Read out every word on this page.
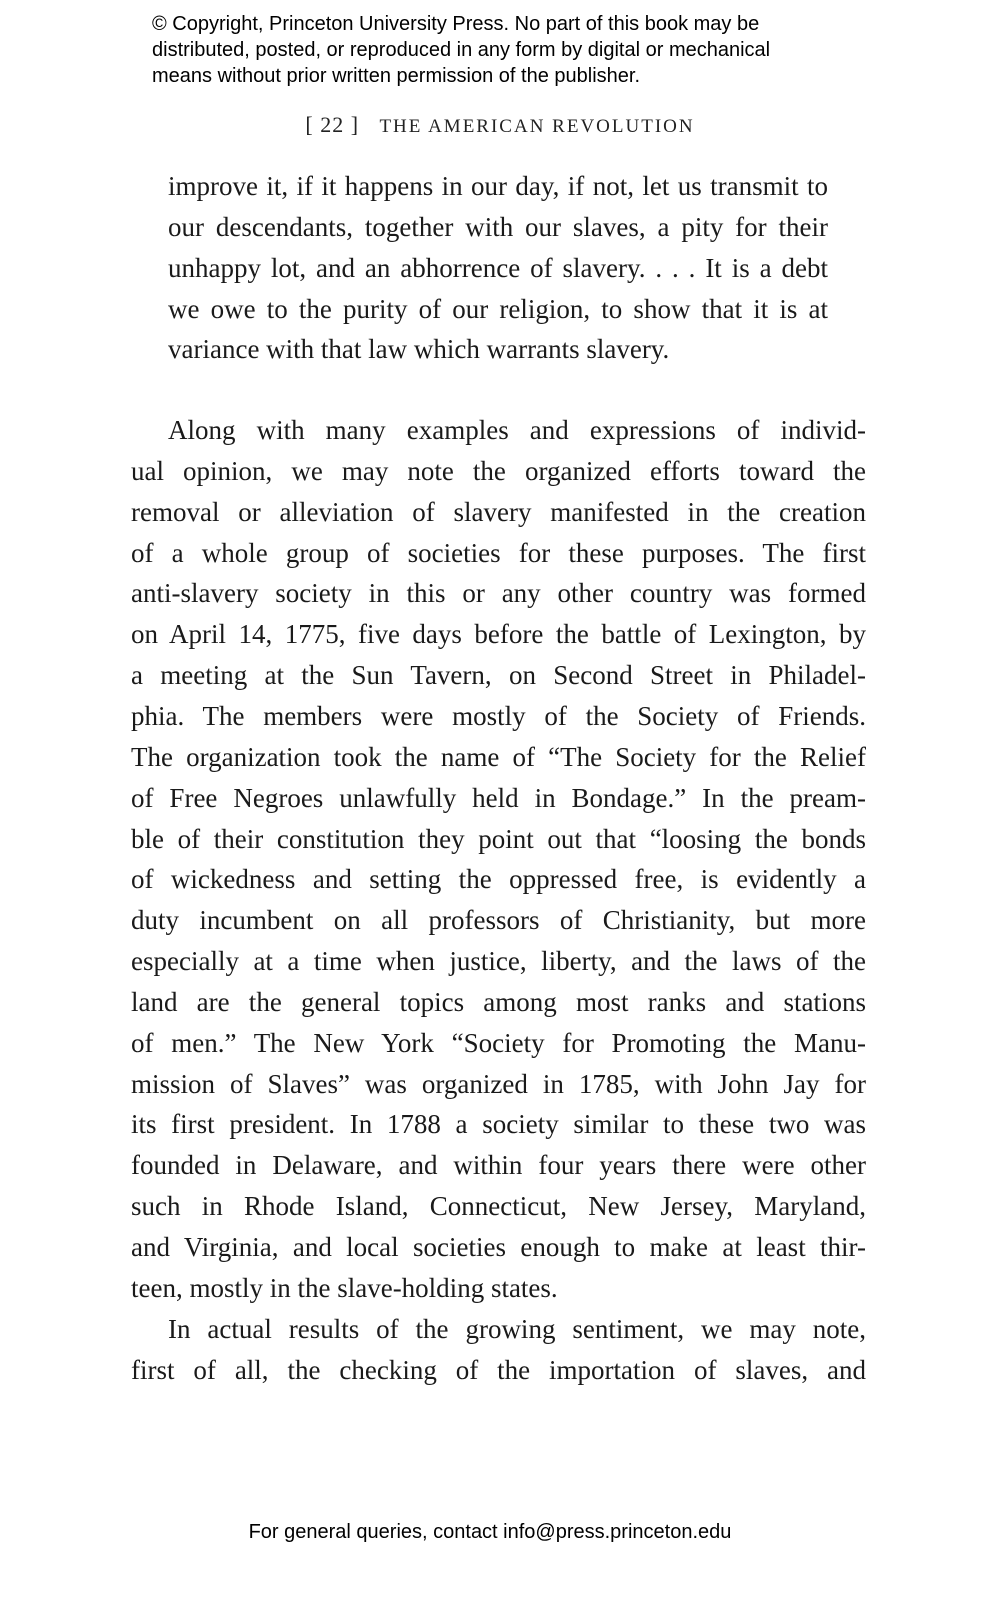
© Copyright, Princeton University Press. No part of this book may be
distributed, posted, or reproduced in any form by digital or mechanical
means without prior written permission of the publisher.
[ 22 ] THE AMERICAN REVOLUTION
improve it, if it happens in our day, if not, let us transmit to
our descendants, together with our slaves, a pity for their
unhappy lot, and an abhorrence of slavery. . . . It is a debt
we owe to the purity of our religion, to show that it is at
variance with that law which warrants slavery.
Along with many examples and expressions of individ-
ual opinion, we may note the organized efforts toward the
removal or alleviation of slavery manifested in the creation
of a whole group of societies for these purposes. The first
anti-slavery society in this or any other country was formed
on April 14, 1775, five days before the battle of Lexington, by
a meeting at the Sun Tavern, on Second Street in Philadel-
phia. The members were mostly of the Society of Friends.
The organization took the name of “The Society for the Relief
of Free Negroes unlawfully held in Bondage.” In the pream-
ble of their constitution they point out that “loosing the bonds
of wickedness and setting the oppressed free, is evidently a
duty incumbent on all professors of Christianity, but more
especially at a time when justice, liberty, and the laws of the
land are the general topics among most ranks and stations
of men.” The New York “Society for Promoting the Manu-
mission of Slaves” was organized in 1785, with John Jay for
its first president. In 1788 a society similar to these two was
founded in Delaware, and within four years there were other
such in Rhode Island, Connecticut, New Jersey, Maryland,
and Virginia, and local societies enough to make at least thir-
teen, mostly in the slave-holding states.
In actual results of the growing sentiment, we may note,
first of all, the checking of the importation of slaves, and
For general queries, contact info@press.princeton.edu
